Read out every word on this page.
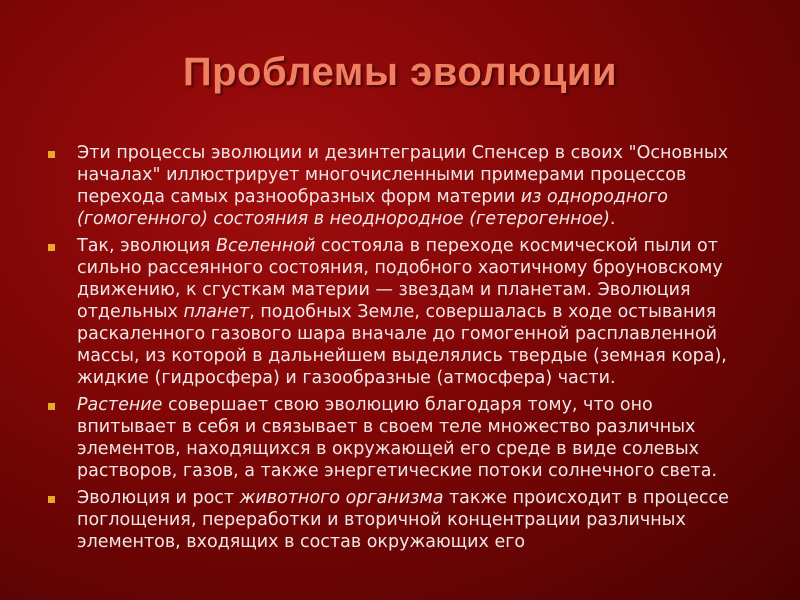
Проблемы эволюции
Эти процессы эволюции и дезинтеграции Спенсер в своих "Основных началах" иллюстрирует многочисленными примерами процессов перехода самых разнообразных форм материи из однородного (гомогенного) состояния в неоднородное (гетерогенное).
Так, эволюция Вселенной состояла в переходе космической пыли от сильно рассеянного состояния, подобного хаотичному броуновскому движению, к сгусткам материи — звездам и планетам. Эволюция отдельных планет, подобных Земле, совершалась в ходе остывания раскаленного газового шара вначале до гомогенной расплавленной массы, из которой в дальнейшем выделялись твердые (земная кора), жидкие (гидросфера) и газообразные (атмосфера) части.
Растение совершает свою эволюцию благодаря тому, что оно впитывает в себя и связывает в своем теле множество различных элементов, находящихся в окружающей его среде в виде солевых растворов, газов, а также энергетические потоки солнечного света.
Эволюция и рост животного организма также происходит в процессе поглощения, переработки и вторичной концентрации различных элементов, входящих в состав окружающих его
